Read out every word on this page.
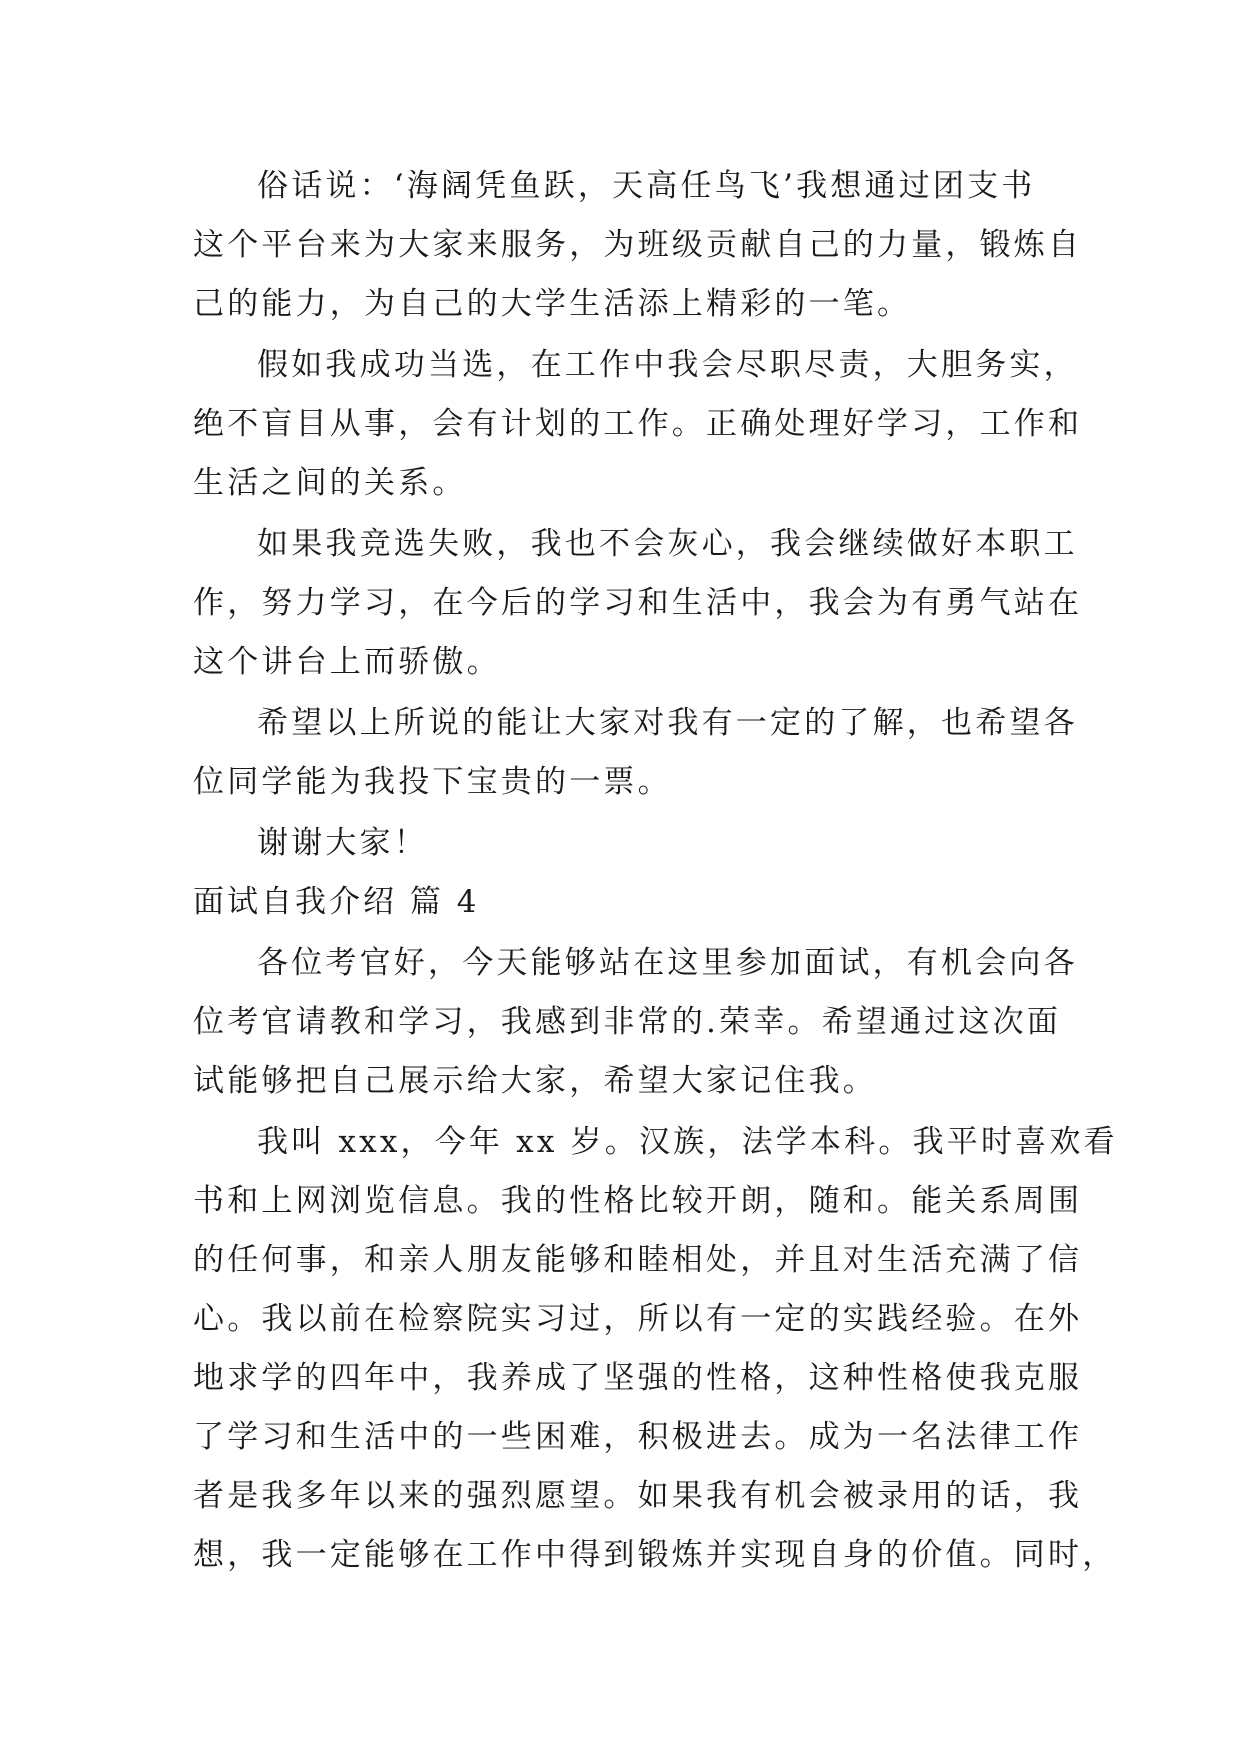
俗话说：‘海阔凭鱼跃，天高任鸟飞’我想通过团支书
这个平台来为大家来服务，为班级贡献自己的力量，锻炼自
己的能力，为自己的大学生活添上精彩的一笔。
假如我成功当选，在工作中我会尽职尽责，大胆务实，
绝不盲目从事，会有计划的工作。正确处理好学习，工作和
生活之间的关系。
如果我竞选失败，我也不会灰心，我会继续做好本职工
作，努力学习，在今后的学习和生活中，我会为有勇气站在
这个讲台上而骄傲。
希望以上所说的能让大家对我有一定的了解，也希望各
位同学能为我投下宝贵的一票。
谢谢大家！
面试自我介绍 篇 4
各位考官好，今天能够站在这里参加面试，有机会向各
位考官请教和学习，我感到非常的.荣幸。希望通过这次面
试能够把自己展示给大家，希望大家记住我。
我叫 xxx，今年 xx 岁。汉族，法学本科。我平时喜欢看
书和上网浏览信息。我的性格比较开朗，随和。能关系周围
的任何事，和亲人朋友能够和睦相处，并且对生活充满了信
心。我以前在检察院实习过，所以有一定的实践经验。在外
地求学的四年中，我养成了坚强的性格，这种性格使我克服
了学习和生活中的一些困难，积极进去。成为一名法律工作
者是我多年以来的强烈愿望。如果我有机会被录用的话，我
想，我一定能够在工作中得到锻炼并实现自身的价值。同时，
